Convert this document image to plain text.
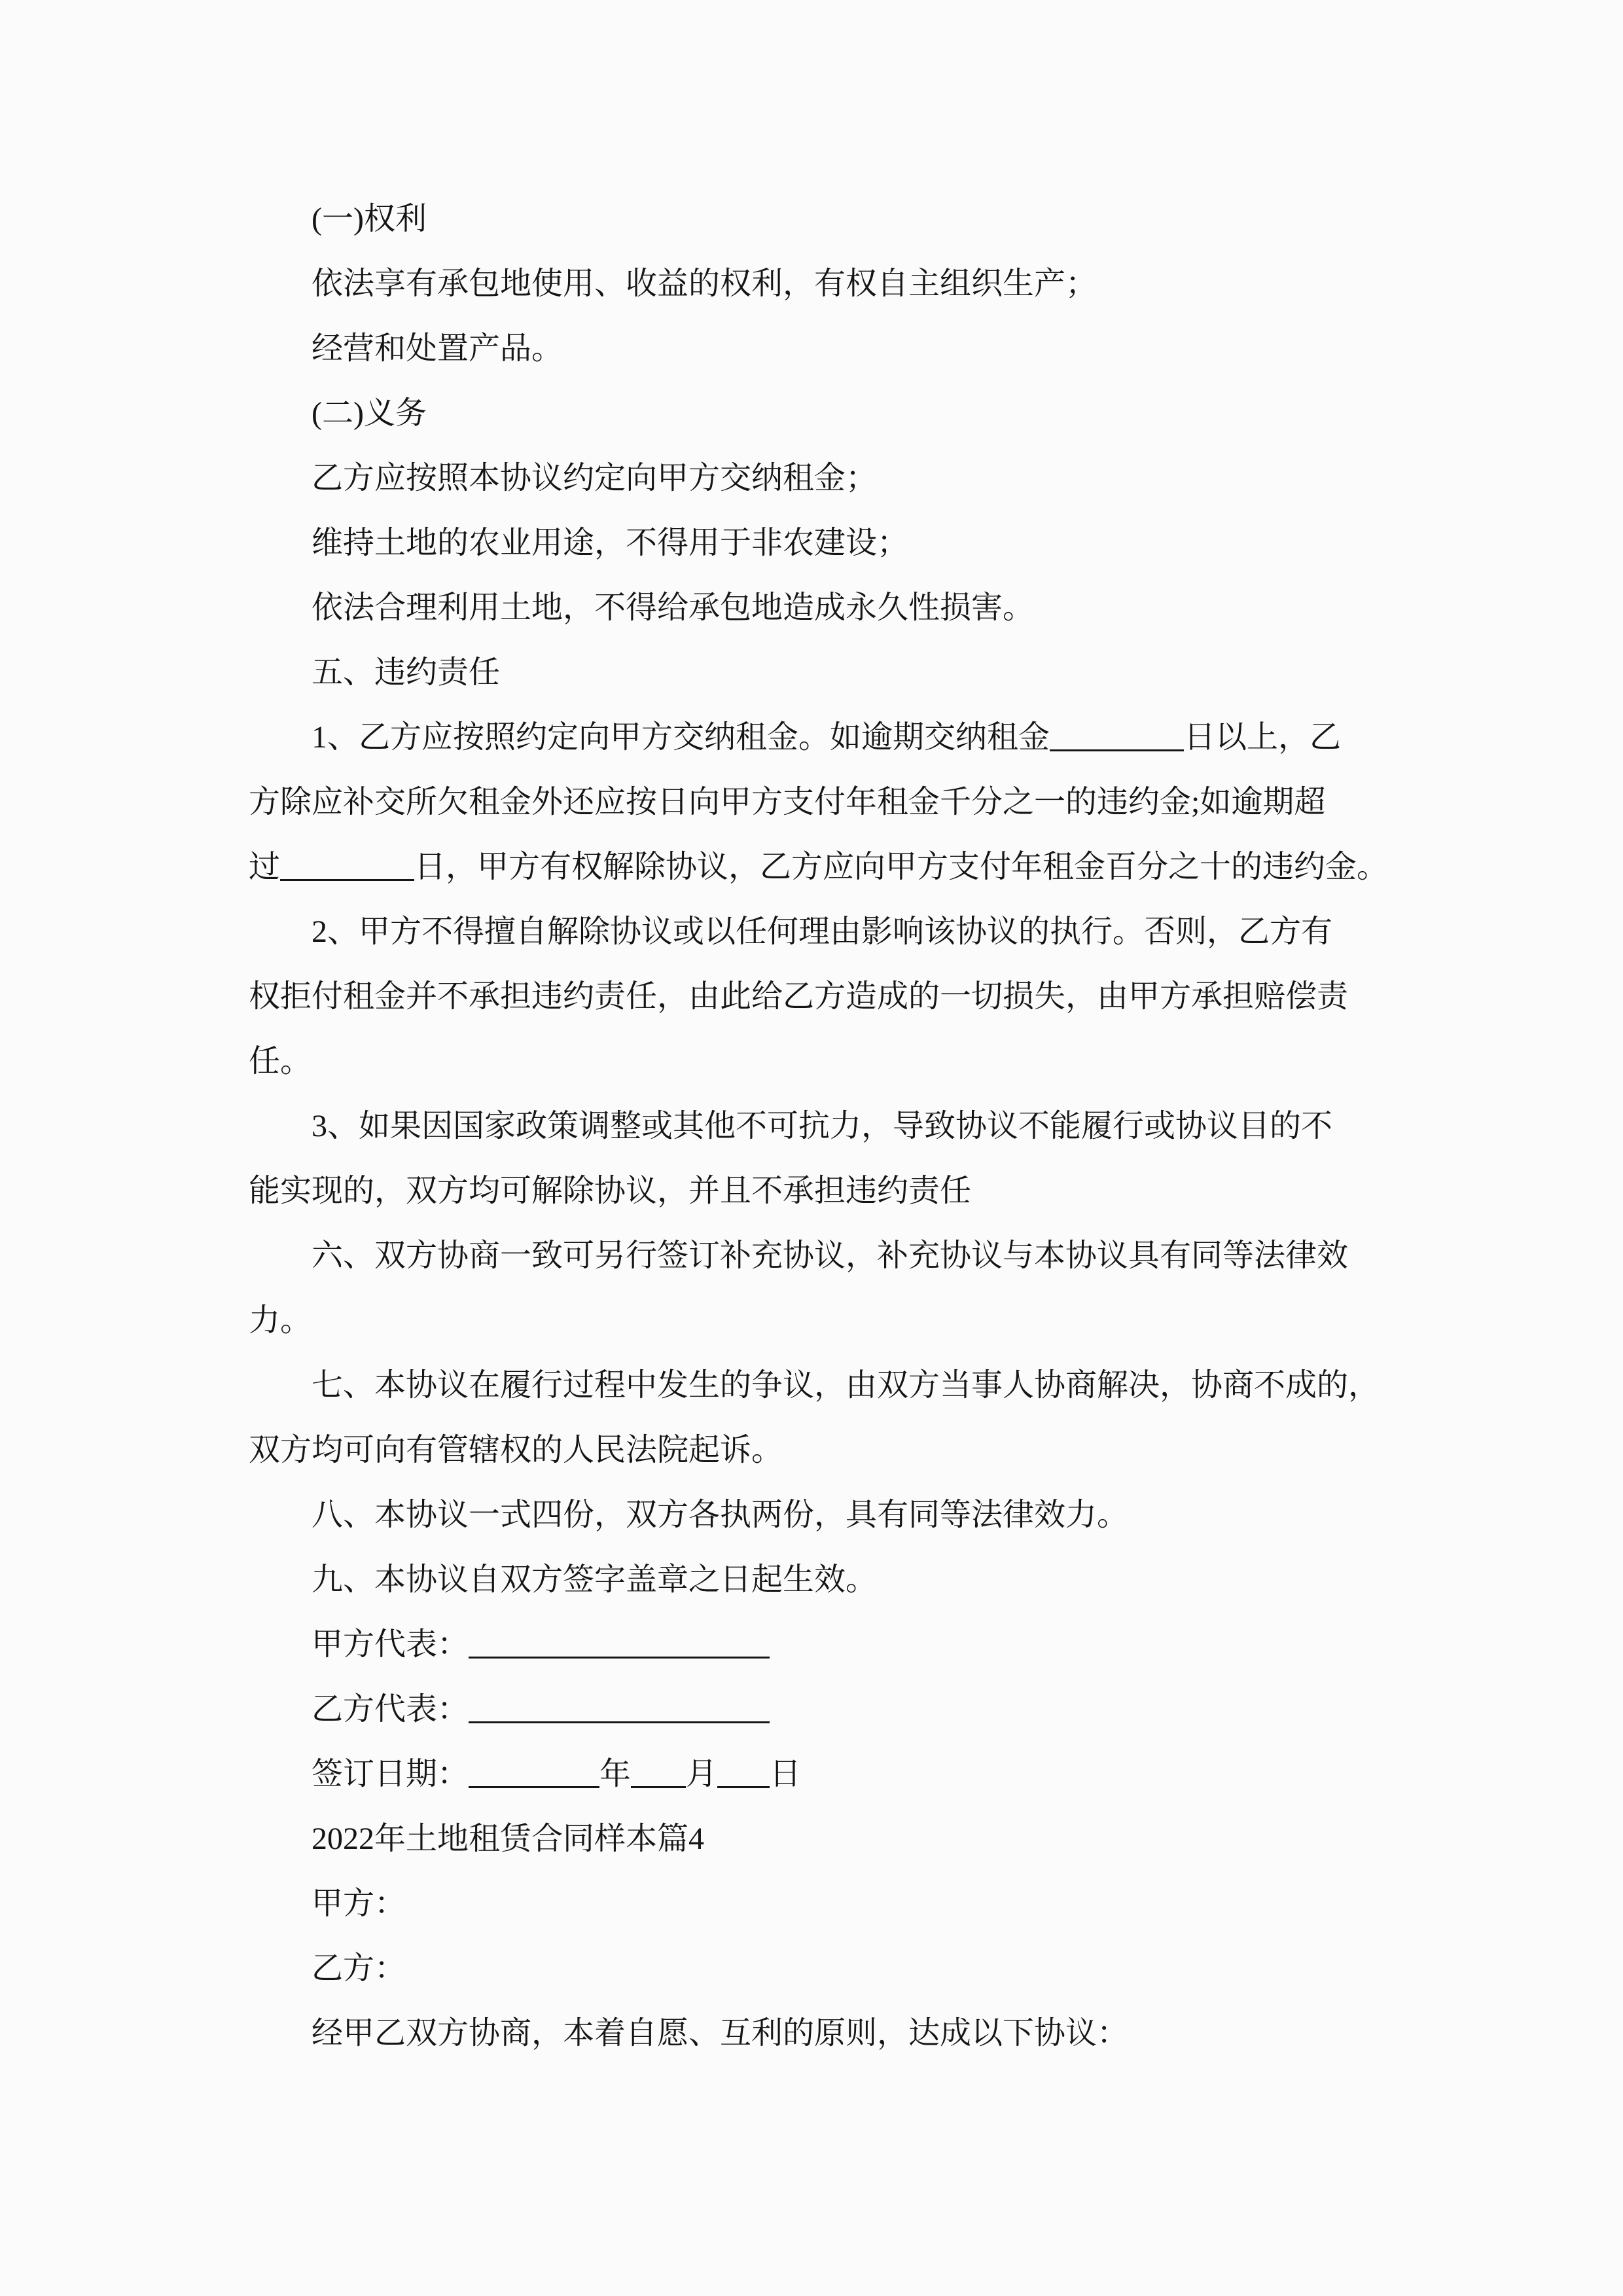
(一)权利

依法享有承包地使用、收益的权利，有权自主组织生产；

经营和处置产品。

(二)义务

乙方应按照本协议约定向甲方交纳租金；

维持土地的农业用途，不得用于非农建设；

依法合理利用土地，不得给承包地造成永久性损害。

五、违约责任

1、乙方应按照约定向甲方交纳租金。如逾期交纳租金	日以上，乙

方除应补交所欠租金外还应按日向甲方支付年租金千分之一的违约金;如逾期超

过	日，甲方有权解除协议，乙方应向甲方支付年租金百分之十的违约金。

2、甲方不得擅自解除协议或以任何理由影响该协议的执行。否则，乙方有

权拒付租金并不承担违约责任，由此给乙方造成的一切损失，由甲方承担赔偿责

任。

3、如果因国家政策调整或其他不可抗力，导致协议不能履行或协议目的不

能实现的，双方均可解除协议，并且不承担违约责任

六、双方协商一致可另行签订补充协议，补充协议与本协议具有同等法律效

力。

七、本协议在履行过程中发生的争议，由双方当事人协商解决，协商不成的，

双方均可向有管辖权的人民法院起诉。

八、本协议一式四份，双方各执两份，具有同等法律效力。

九、本协议自双方签字盖章之日起生效。

甲方代表：

乙方代表：

签订日期：	年 月 日

2022年土地租赁合同样本篇4

甲方：

乙方：

经甲乙双方协商，本着自愿、互利的原则，达成以下协议：
